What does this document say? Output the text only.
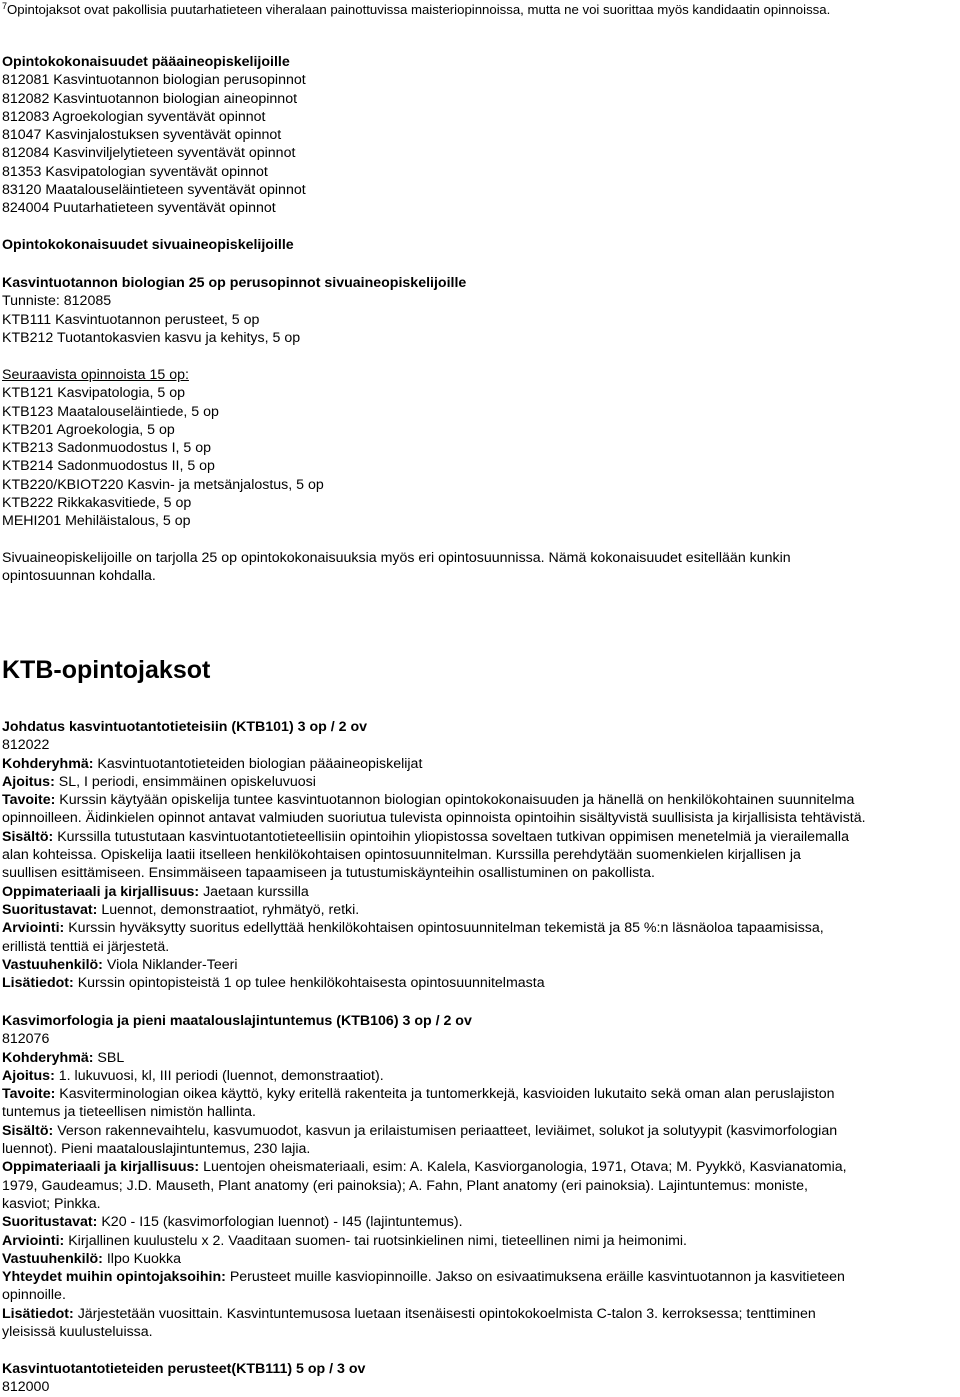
$^7$Opintojaksot ovat pakollisia puutarhatieteen viheralaan painottuvissa maisteriopinnoissa, mutta ne voi suorittaa myös kandidaatin opinnoissa.
Opintokokonaisuudet pääaineopiskelijoille
812081 Kasvintuotannon biologian perusopinnot
812082 Kasvintuotannon biologian aineopinnot
812083 Agroekologian syventävät opinnot
81047 Kasvinjalostuksen syventävät opinnot
812084 Kasvinviljelytieteen syventävät opinnot
81353 Kasvipatologian syventävät opinnot
83120 Maatalouseläintieteen syventävät opinnot
824004 Puutarhatieteen syventävät opinnot
Opintokokonaisuudet sivuaineopiskelijoille
Kasvintuotannon biologian 25 op perusopinnot sivuaineopiskelijoille
Tunniste: 812085
KTB111 Kasvintuotannon perusteet, 5 op
KTB212 Tuotantokasvien kasvu ja kehitys, 5 op
Seuraavista opinnoista 15 op:
KTB121 Kasvipatologia, 5 op
KTB123 Maatalouseläintiede, 5 op
KTB201 Agroekologia, 5 op
KTB213 Sadonmuodostus I, 5 op
KTB214 Sadonmuodostus II, 5 op
KTB220/KBIOT220 Kasvin- ja metsänjalostus, 5 op
KTB222 Rikkakasvitiede, 5 op
MEHI201 Mehiläistalous, 5 op
Sivuaineopiskelijoille on tarjolla 25 op opintokokonaisuuksia myös eri opintosuunnissa. Nämä kokonaisuudet esitellään kunkin
opintosuunnan kohdalla.
KTB-opintojaksot
Johdatus kasvintuotantotieteisiin (KTB101) 3 op / 2 ov
812022
Kohderyhmä: Kasvintuotantotieteiden biologian pääaineopiskelijat
Ajoitus: SL, I periodi, ensimmäinen opiskeluvuosi
Tavoite: Kurssin käytyään opiskelija tuntee kasvintuotannon biologian opintokokonaisuuden ja hänellä on henkilökohtainen suunnitelma
opinnoilleen. Äidinkielen opinnot antavat valmiuden suoriutua tulevista opinnoista opintoihin sisältyvistä suullisista ja kirjallisista tehtävistä.
Sisältö: Kurssilla tutustutaan kasvintuotantotieteellisiin opintoihin yliopistossa soveltaen tutkivan oppimisen menetelmiä ja vierailemalla
alan kohteissa. Opiskelija laatii itselleen henkilökohtaisen opintosuunnitelman. Kurssilla perehdytään suomenkielen kirjallisen ja
suullisen esittämiseen. Ensimmäiseen tapaamiseen ja tutustumiskäynteihin osallistuminen on pakollista.
Oppimateriaali ja kirjallisuus: Jaetaan kurssilla
Suoritustavat: Luennot, demonstraatiot, ryhmätyö, retki.
Arviointi: Kurssin hyväksytty suoritus edellyttää henkilökohtaisen opintosuunnitelman tekemistä ja 85 %:n läsnäoloa tapaamisissa,
erillistä tenttiä ei järjestetä.
Vastuuhenkilö: Viola Niklander-Teeri
Lisätiedot: Kurssin opintopisteistä 1 op tulee henkilökohtaisesta opintosuunnitelmasta
Kasvimorfologia ja pieni maatalouslajintuntemus (KTB106) 3 op / 2 ov
812076
Kohderyhmä: SBL
Ajoitus: 1. lukuvuosi, kl, III periodi (luennot, demonstraatiot).
Tavoite: Kasviterminologian oikea käyttö, kyky eritellä rakenteita ja tuntomerkkejä, kasvioiden lukutaito sekä oman alan peruslajiston
tuntemus ja tieteellisen nimistön hallinta.
Sisältö: Verson rakennevaihtelu, kasvumuodot, kasvun ja erilaistumisen periaatteet, leviäimet, solukot ja solutyypit (kasvimorfologian
luennot). Pieni maatalouslajintuntemus, 230 lajia.
Oppimateriaali ja kirjallisuus: Luentojen oheismateriaali, esim: A. Kalela, Kasviorganologia, 1971, Otava; M. Pyykkö, Kasvianatomia,
1979, Gaudeamus; J.D. Mauseth, Plant anatomy (eri painoksia); A. Fahn, Plant anatomy (eri painoksia). Lajintuntemus: moniste,
kasviot; Pinkka.
Suoritustavat: K20 - I15 (kasvimorfologian luennot) - I45 (lajintuntemus).
Arviointi: Kirjallinen kuulustelu x 2. Vaaditaan suomen- tai ruotsinkielinen nimi, tieteellinen nimi ja heimonimi.
Vastuuhenkilö: Ilpo Kuokka
Yhteydet muihin opintojaksoihin: Perusteet muille kasviopinnoille. Jakso on esivaatimuksena eräille kasvintuotannon ja kasvitieteen
opinnoille.
Lisätiedot: Järjestetään vuosittain. Kasvintuntemusosa luetaan itsenäisesti opintokokoelmista C-talon 3. kerroksessa; tenttiminen
yleisissä kuulusteluissa.
Kasvintuotantotieteiden perusteet(KTB111) 5 op / 3 ov
812000
